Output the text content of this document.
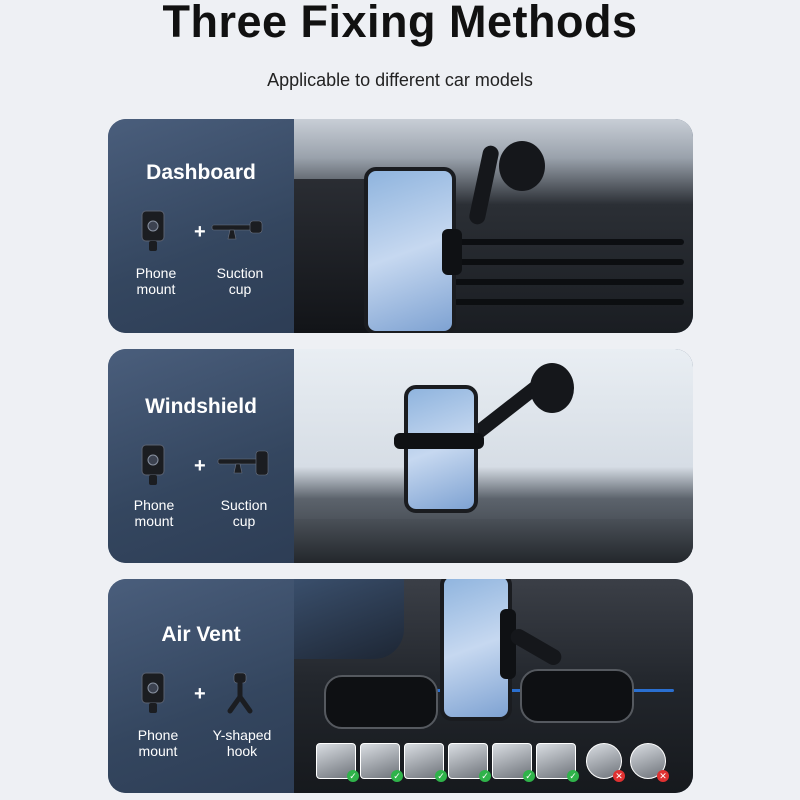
Three Fixing Methods
Applicable to different car models
Dashboard
+
Phone
mount
Suction
cup
Windshield
+
Phone
mount
Suction
cup
Air Vent
+
Phone
mount
Y-shaped
hook
✓	✓	✓	✓	✓	✓	✕	✕
